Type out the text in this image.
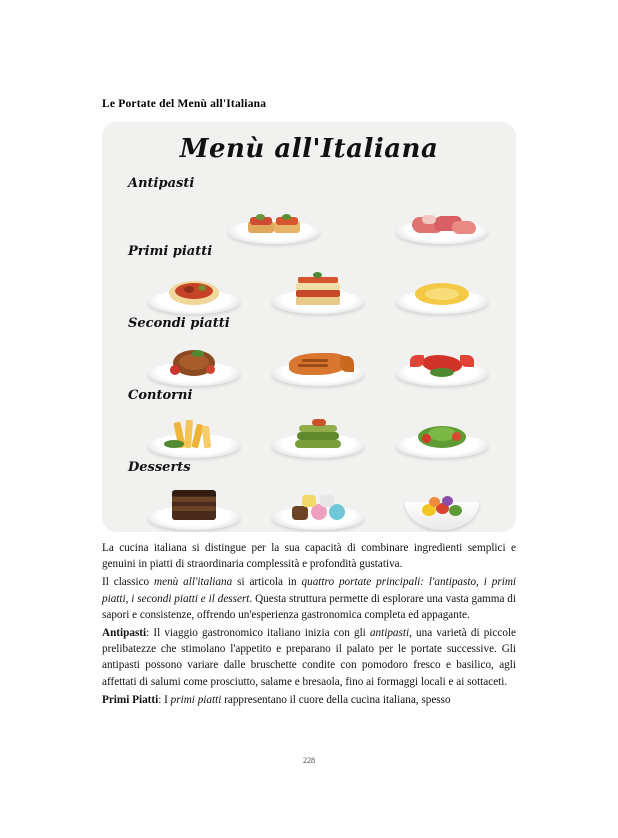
Le Portate del Menù all'Italiana
Menù all'Italiana
Antipasti
Primi piatti
Secondi piatti
Contorni
Desserts

La cucina italiana si distingue per la sua capacità di combinare ingredienti semplici e genuini in piatti di straordinaria complessità e profondità gustativa.

Il classico menù all'italiana si articola in quattro portate principali: l'antipasto, i primi piatti, i secondi piatti e il dessert. Questa struttura permette di esplorare una vasta gamma di sapori e consistenze, offrendo un'esperienza gastronomica completa ed appagante.

Antipasti: Il viaggio gastronomico italiano inizia con gli antipasti, una varietà di piccole prelibatezze che stimolano l'appetito e preparano il palato per le portate successive. Gli antipasti possono variare dalle bruschette condite con pomodoro fresco e basilico, agli affettati di salumi come prosciutto, salame e bresaola, fino ai formaggi locali e ai sottaceti.

Primi Piatti: I primi piatti rappresentano il cuore della cucina italiana, spesso

228
